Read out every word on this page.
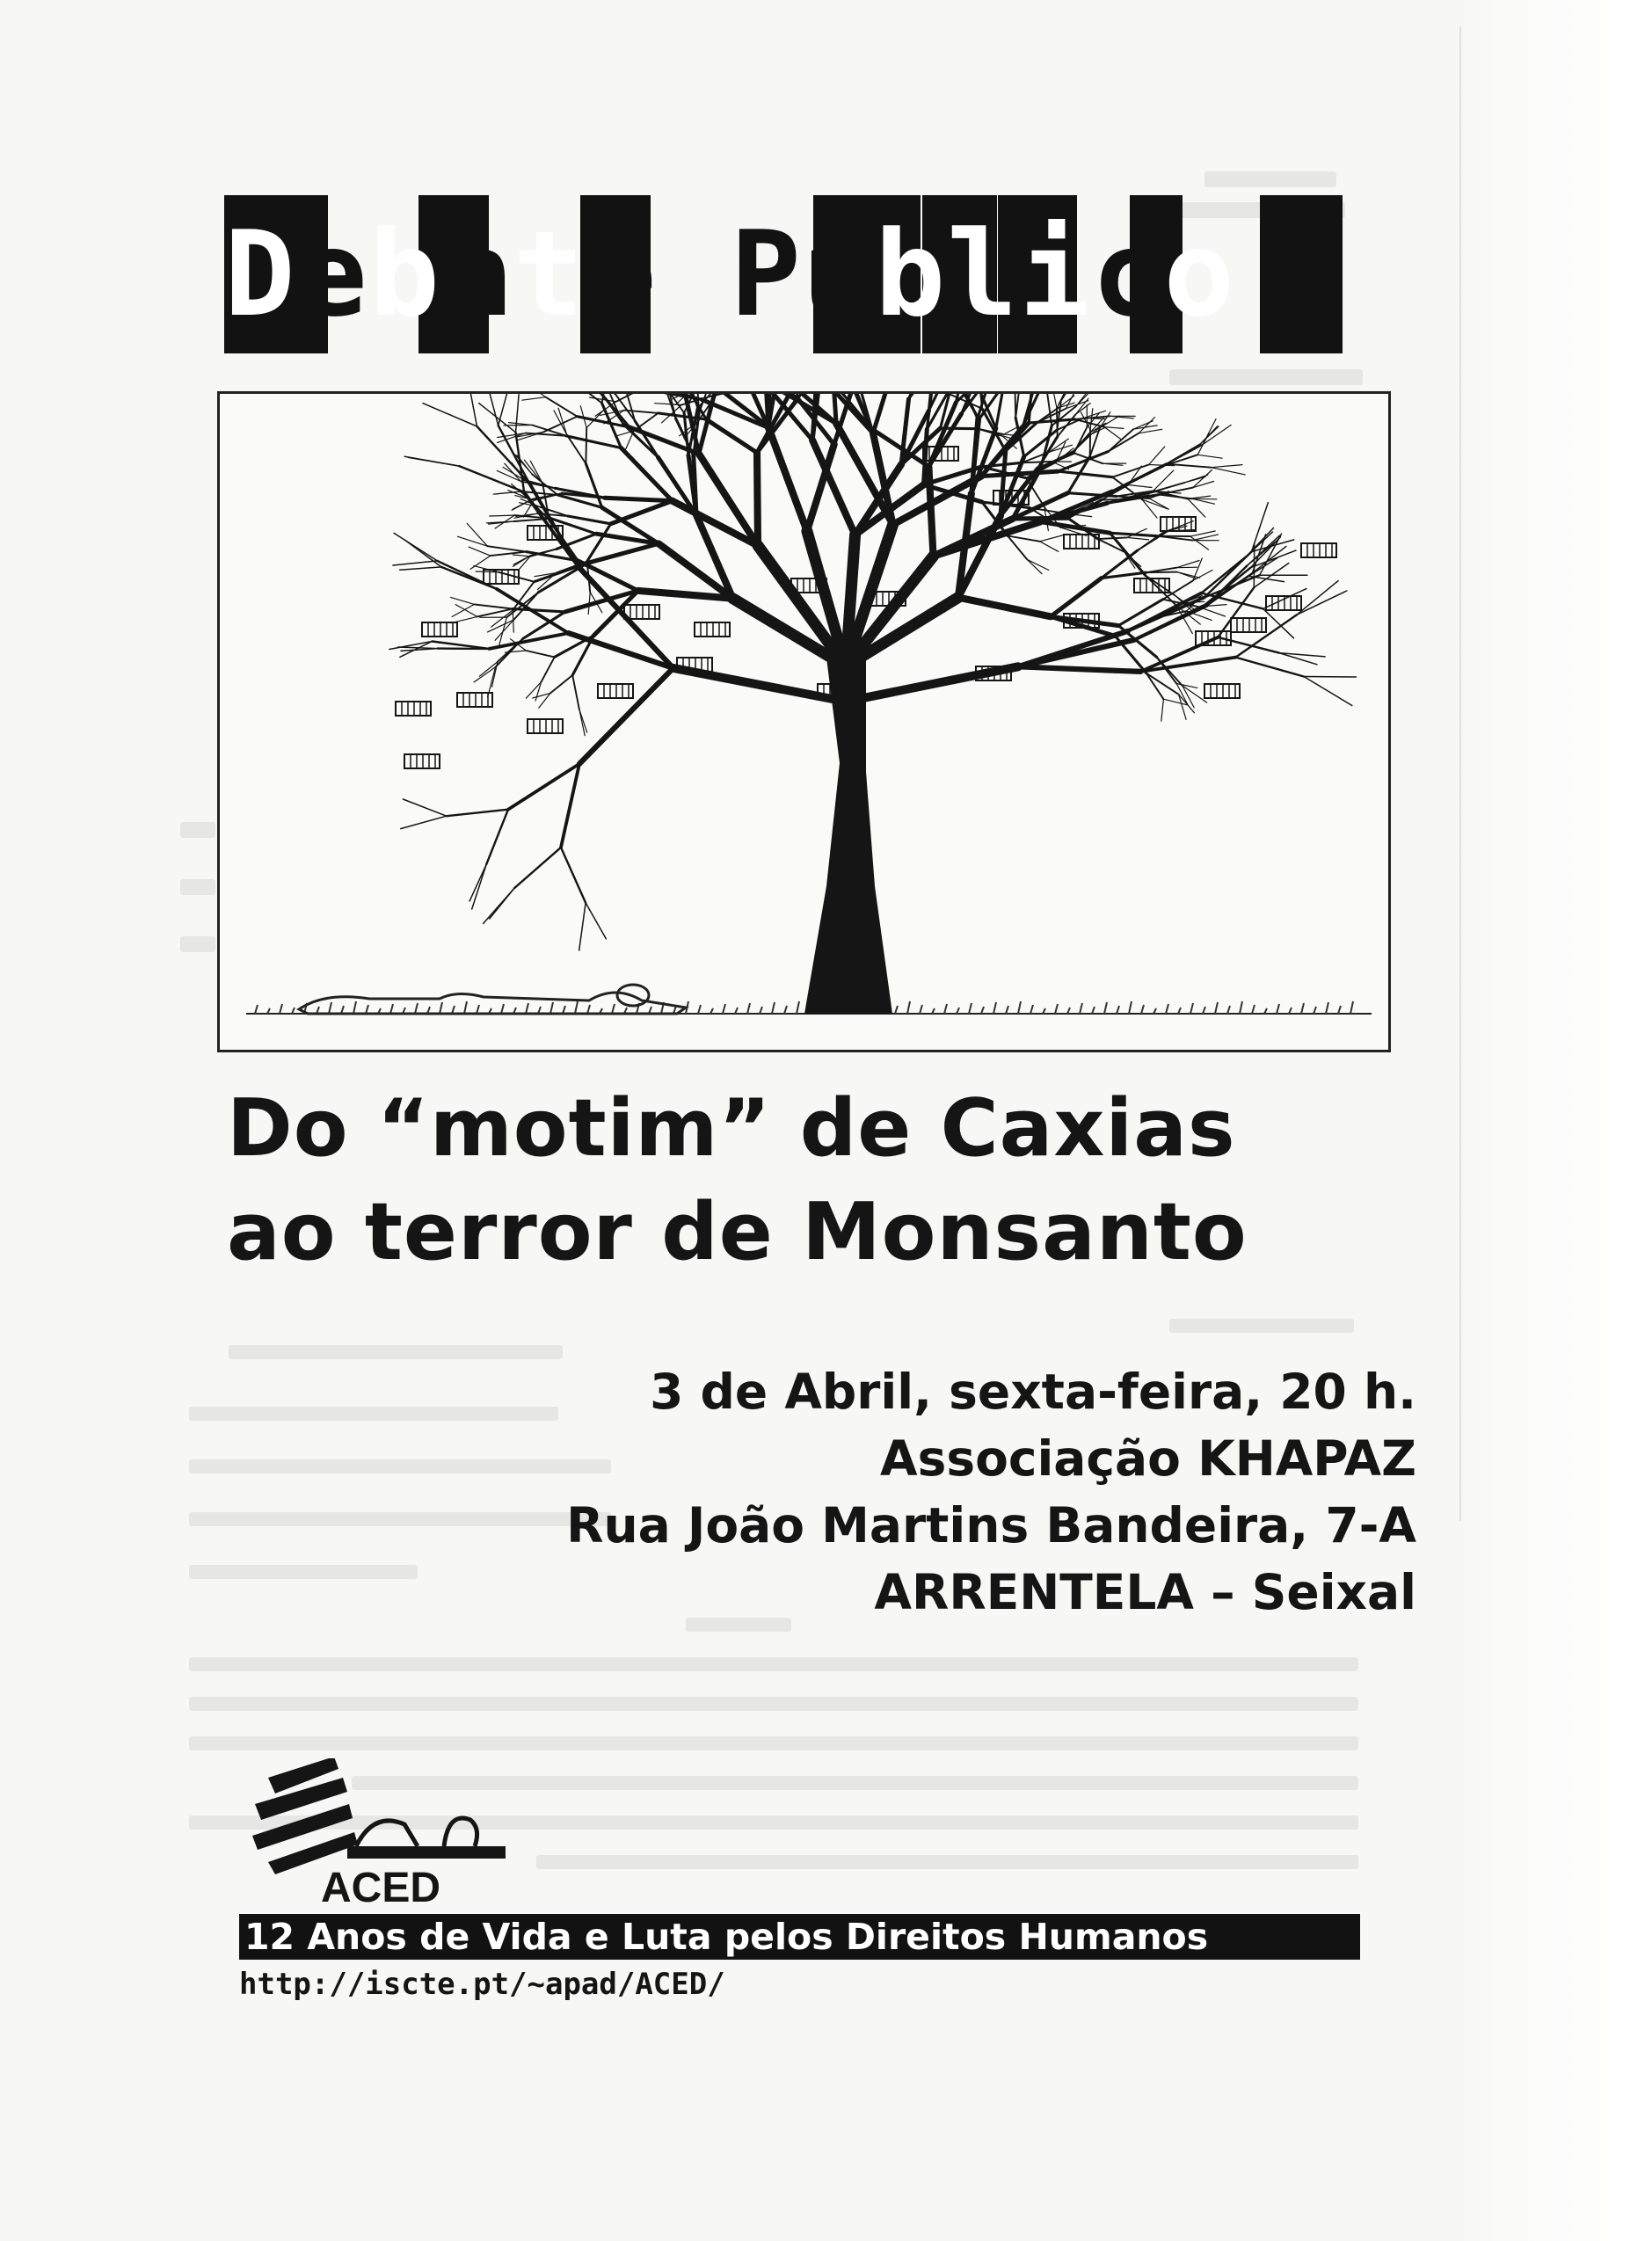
Debate Público
Do “motim” de Caxias
ao terror de Monsanto
3 de Abril, sexta-feira, 20 h.
Associação KHAPAZ
Rua João Martins Bandeira, 7-A
ARRENTELA – Seixal
ACED
12 Anos de Vida e Luta pelos Direitos Humanos
http://iscte.pt/~apad/ACED/
